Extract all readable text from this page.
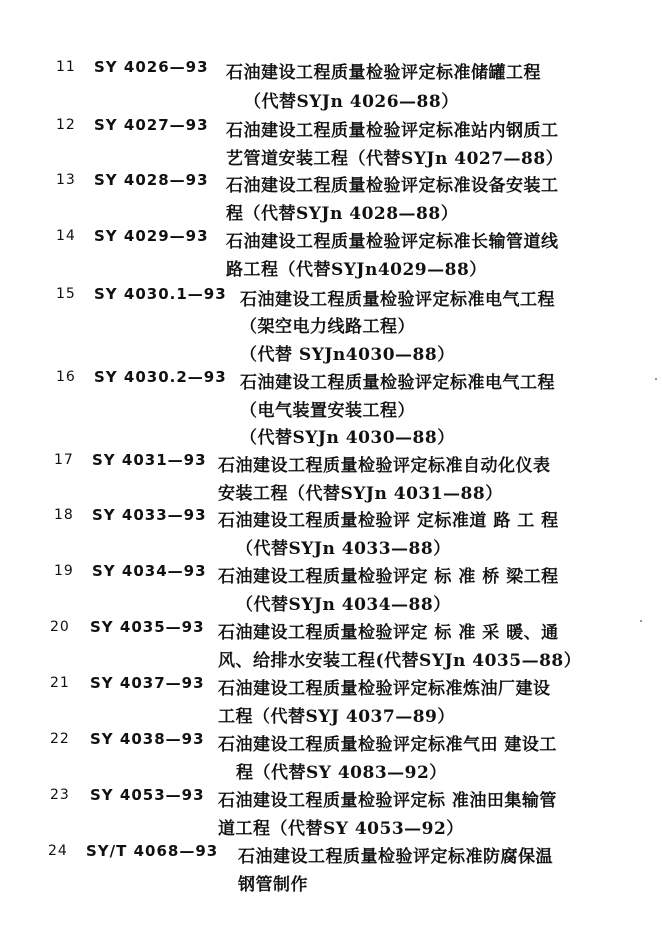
11 SY 4026—93 石油建设工程质量检验评定标准储罐工程
（代替SYJn 4026—88）
12 SY 4027—93 石油建设工程质量检验评定标准站内钢质工
艺管道安装工程（代替SYJn 4027—88）
13 SY 4028—93 石油建设工程质量检验评定标准设备安装工
程（代替SYJn 4028—88）
14 SY 4029—93 石油建设工程质量检验评定标准长输管道线
路工程（代替SYJn4029—88）
15 SY 4030.1—93 石油建设工程质量检验评定标准电气工程
（架空电力线路工程）
（代替 SYJn4030—88）
16 SY 4030.2—93 石油建设工程质量检验评定标准电气工程
（电气装置安装工程）
（代替SYJn 4030—88）
17 SY 4031—93 石油建设工程质量检验评定标准自动化仪表
安装工程（代替SYJn 4031—88）
18 SY 4033—93 石油建设工程质量检验评 定标准道 路 工 程
（代替SYJn 4033—88）
19 SY 4034—93 石油建设工程质量检验评定 标 准 桥 梁工程
（代替SYJn 4034—88）
20 SY 4035—93 石油建设工程质量检验评定 标 准 采 暖、通
风、给排水安装工程(代替SYJn 4035—88）
21 SY 4037—93 石油建设工程质量检验评定标准炼油厂建设
工程（代替SYJ 4037—89）
22 SY 4038—93 石油建设工程质量检验评定标准气田 建设工
程（代替SY 4083—92）
23 SY 4053—93 石油建设工程质量检验评定标 准油田集输管
道工程（代替SY 4053—92）
24 SY/T 4068—93 石油建设工程质量检验评定标准防腐保温
钢管制作
